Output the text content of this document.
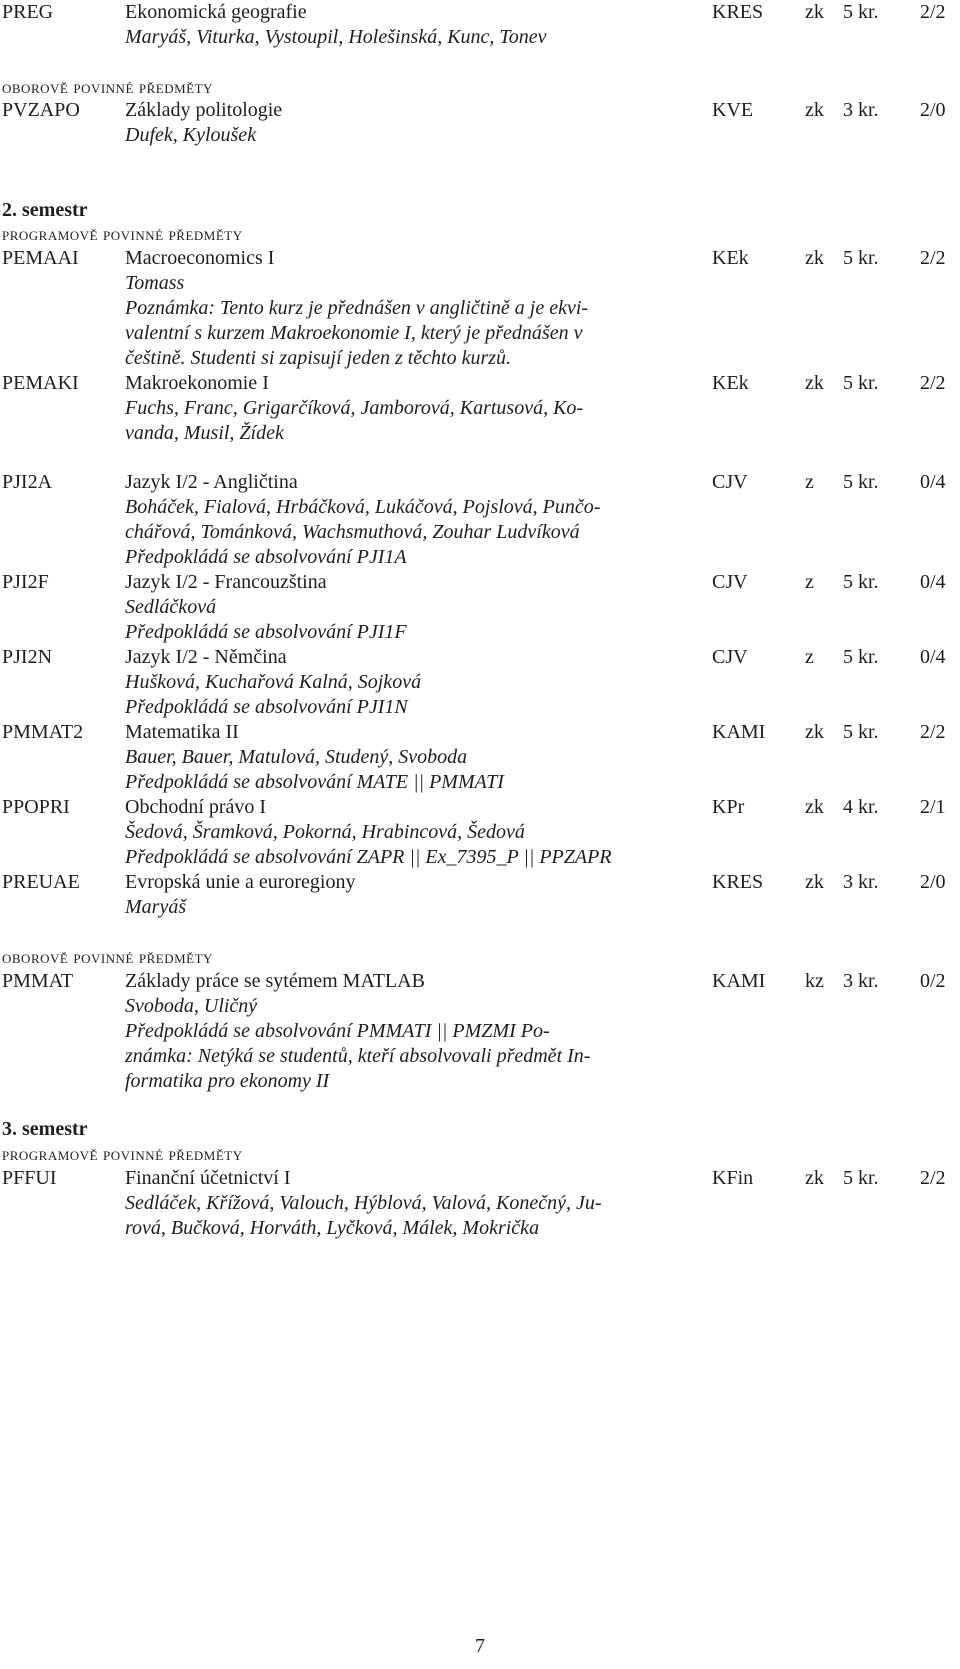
PREG	Ekonomická geografie	KRES zk 5 kr. 2/2
Maryáš, Viturka, Vystoupil, Holešinská, Kunc, Tonev
oborově povinné předměty
PVZAPO Základy politologie	KVE	zk 3 kr. 2/0
Dufek, Kyloušek
2. semestr
programově povinné předměty
PEMAAI Macroeconomics I	KEk	zk 5 kr. 2/2
Tomass
Poznámka: Tento kurz je přednášen v angličtině a je ekvi-
valentní s kurzem Makroekonomie I, který je přednášen v
češtině. Studenti si zapisují jeden z těchto kurzů.
PEMAKI Makroekonomie I	KEk	zk 5 kr. 2/2
Fuchs, Franc, Grigarčíková, Jamborová, Kartusová, Ko-
vanda, Musil, Žídek
PJI2A	Jazyk I/2 - Angličtina	CJV	z 5 kr. 0/4
Boháček, Fialová, Hrbáčková, Lukáčová, Pojslová, Punčo-
chářová, Tománková, Wachsmuthová, Zouhar Ludvíková
Předpokládá se absolvování PJI1A
PJI2F	Jazyk I/2 - Francouzština	CJV	z 5 kr. 0/4
Sedláčková
Předpokládá se absolvování PJI1F
PJI2N	Jazyk I/2 - Němčina	CJV	z 5 kr. 0/4
Hušková, Kuchařová Kalná, Sojková
Předpokládá se absolvování PJI1N
PMMAT2 Matematika II	KAMI zk 5 kr. 2/2
Bauer, Bauer, Matulová, Studený, Svoboda
Předpokládá se absolvování MATE || PMMATI
PPOPRI	Obchodní právo I	KPr	zk 4 kr. 2/1
Šedová, Šramková, Pokorná, Hrabincová, Šedová
Předpokládá se absolvování ZAPR || Ex_7395_P || PPZAPR
PREUAE Evropská unie a euroregiony	KRES zk 3 kr. 2/0
Maryáš
oborově povinné předměty
PMMAT	Základy práce se sytémem MATLAB	KAMI kz 3 kr. 0/2
Svoboda, Uličný
Předpokládá se absolvování PMMATI || PMZMI Po-
známka: Netýká se studentů, kteří absolvovali předmět In-
formatika pro ekonomy II
3. semestr
programově povinné předměty
PFFUI	Finanční účetnictví I	KFin	zk 5 kr. 2/2
Sedláček, Křížová, Valouch, Hýblová, Valová, Konečný, Ju-
rová, Bučková, Horváth, Lyčková, Málek, Mokrička
7
